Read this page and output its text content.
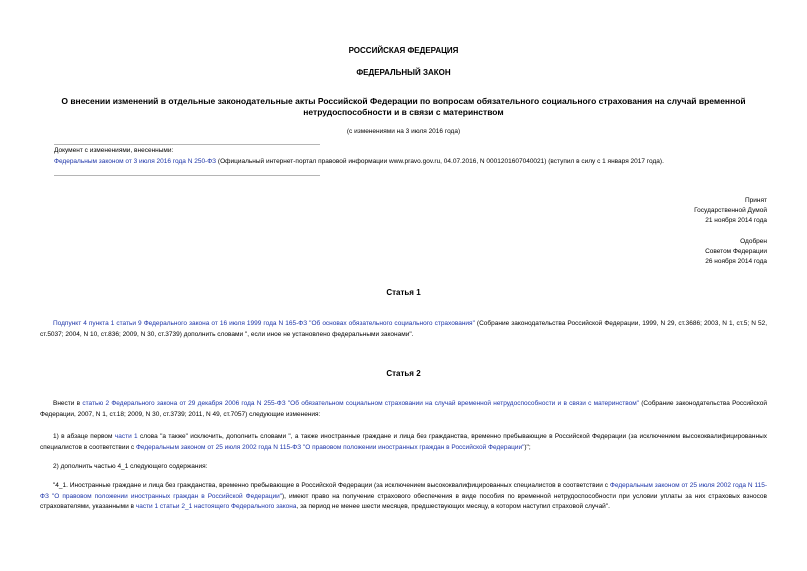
РОССИЙСКАЯ ФЕДЕРАЦИЯ
ФЕДЕРАЛЬНЫЙ ЗАКОН
О внесении изменений в отдельные законодательные акты Российской Федерации по вопросам обязательного социального страхования на случай временной нетрудоспособности и в связи с материнством
(с изменениями на 3 июля 2016 года)
Документ с изменениями, внесенными:
Федеральным законом от 3 июля 2016 года N 250-ФЗ (Официальный интернет-портал правовой информации www.pravo.gov.ru, 04.07.2016, N 0001201607040021) (вступил в силу с 1 января 2017 года).
Принят
Государственной Думой
21 ноября 2014 года
Одобрен
Советом Федерации
26 ноября 2014 года
Статья 1
Подпункт 4 пункта 1 статьи 9 Федерального закона от 16 июля 1999 года N 165-ФЗ "Об основах обязательного социального страхования" (Собрание законодательства Российской Федерации, 1999, N 29, ст.3686; 2003, N 1, ст.5; N 52, ст.5037; 2004, N 10, ст.836; 2009, N 30, ст.3739) дополнить словами ", если иное не установлено федеральными законами".
Статья 2
Внести в статью 2 Федерального закона от 29 декабря 2006 года N 255-ФЗ "Об обязательном социальном страховании на случай временной нетрудоспособности и в связи с материнством" (Собрание законодательства Российской Федерации, 2007, N 1, ст.18; 2009, N 30, ст.3739; 2011, N 49, ст.7057) следующие изменения:
1) в абзаце первом части 1 слова "а также" исключить, дополнить словами ", а также иностранные граждане и лица без гражданства, временно пребывающие в Российской Федерации (за исключением высококвалифицированных специалистов в соответствии с Федеральным законом от 25 июля 2002 года N 115-ФЗ "О правовом положении иностранных граждан в Российской Федерации")";
2) дополнить частью 4_1 следующего содержания:
"4_1. Иностранные граждане и лица без гражданства, временно пребывающие в Российской Федерации (за исключением высококвалифицированных специалистов в соответствии с Федеральным законом от 25 июля 2002 года N 115-ФЗ "О правовом положении иностранных граждан в Российской Федерации"), имеют право на получение страхового обеспечения в виде пособия по временной нетрудоспособности при условии уплаты за них страховых взносов страхователями, указанными в части 1 статьи 2_1 настоящего Федерального закона, за период не менее шести месяцев, предшествующих месяцу, в котором наступил страховой случай".
